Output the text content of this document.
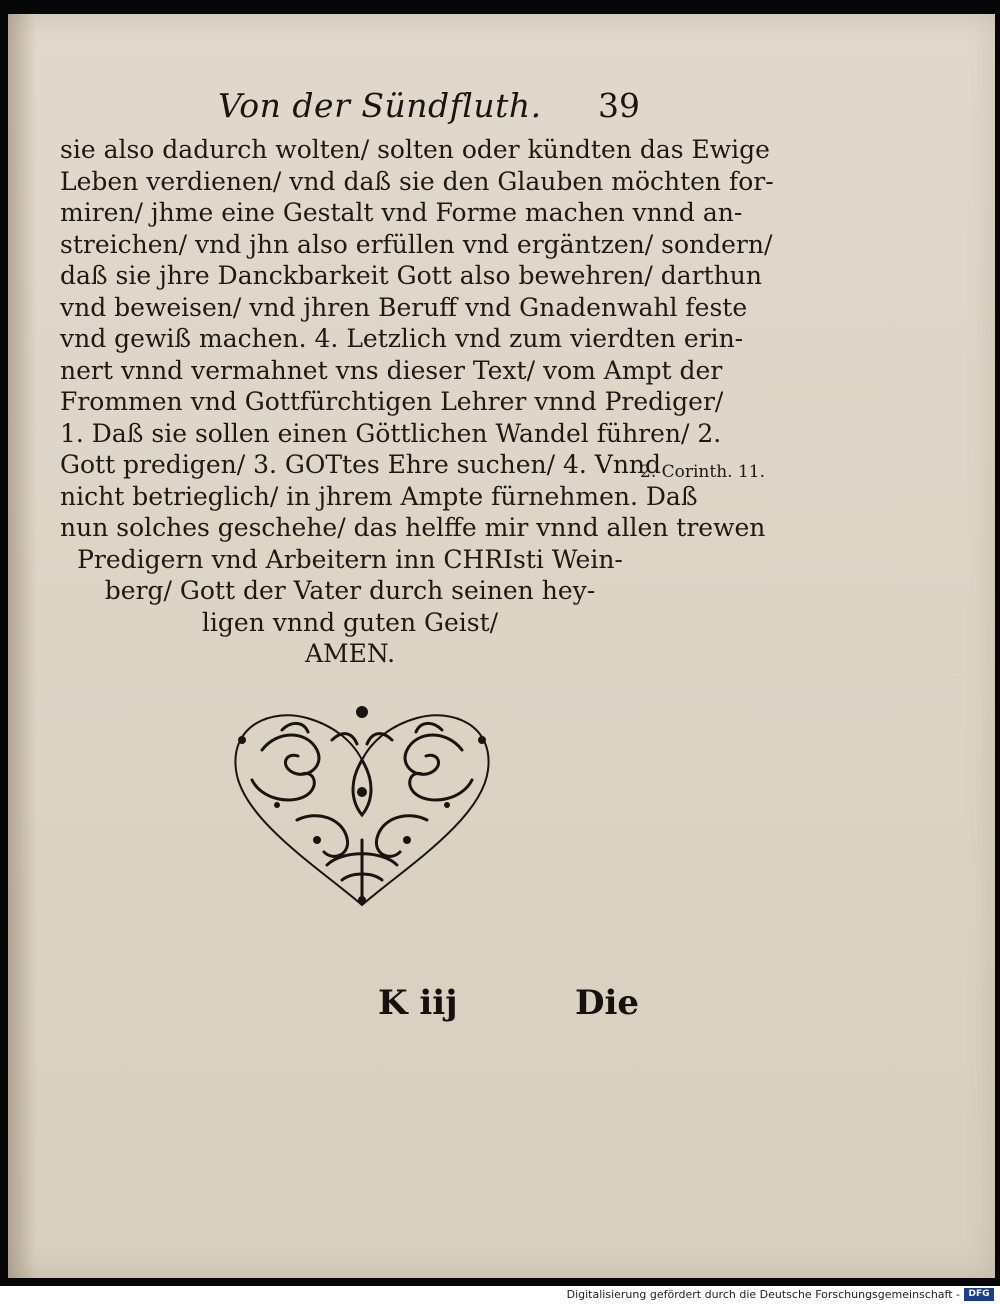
Von der Sündfluth. 39
sie also dadurch wolten/ solten oder kündten das Ewige
Leben verdienen/ vnd daß sie den Glauben möchten for-
miren/ jhme eine Gestalt vnd Forme machen vnnd an-
streichen/ vnd jhn also erfüllen vnd ergäntzen/ sondern/
daß sie jhre Danckbarkeit Gott also bewehren/ darthun
vnd beweisen/ vnd jhren Beruff vnd Gnadenwahl feste
vnd gewiß machen. 4. Letzlich vnd zum vierdten erin-
nert vnnd vermahnet vns dieser Text/ vom Ampt der
Frommen vnd Gottfürchtigen Lehrer vnnd Prediger/
1. Daß sie sollen einen Göttlichen Wandel führen/ 2.
Gott predigen/ 3. GOTtes Ehre suchen/ 4. Vnnd
nicht betrieglich/ in jhrem Ampte fürnehmen. Daß
nun solches geschehe/ das helffe mir vnnd allen trewen
Predigern vnd Arbeitern inn CHRIsti Wein-
berg/ Gott der Vater durch seinen hey-
ligen vnnd guten Geist/
AMEN.
2. Corinth. 11.
K iij	Die
Digitalisierung gefördert durch die Deutsche Forschungsgemeinschaft - DFG
